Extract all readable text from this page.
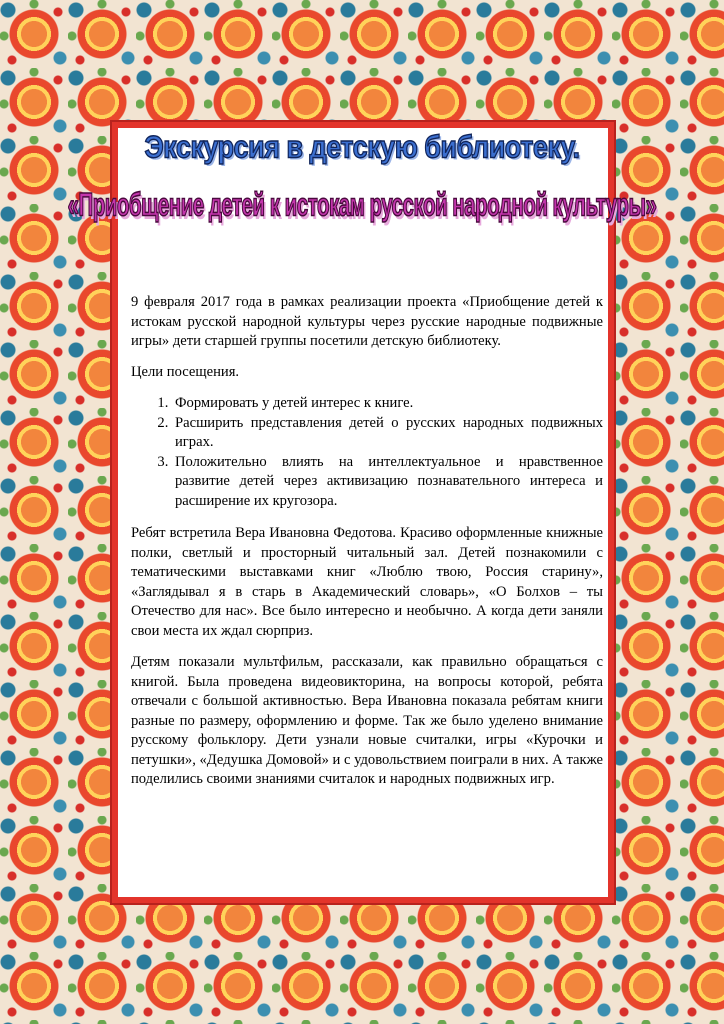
Экскурсия в детскую библиотеку.
«Приобщение детей к истокам русской народной культуры»

9 февраля 2017 года в рамках реализации проекта «Приобщение детей к истокам русской народной культуры через русские народные подвижные игры» дети старшей группы посетили детскую библиотеку.

Цели посещения.

1. Формировать у детей интерес к книге.
2. Расширить представления детей о русских народных подвижных играх.
3. Положительно влиять на интеллектуальное и нравственное развитие детей через активизацию познавательного интереса и расширение их кругозора.

Ребят встретила Вера Ивановна Федотова. Красиво оформленные книжные полки, светлый и просторный читальный зал. Детей познакомили с тематическими выставками книг «Люблю твою, Россия старину», «Заглядывал я в старь в Академический словарь», «О Болхов – ты Отечество для нас». Все было интересно и необычно. А когда дети заняли свои места их ждал сюрприз.

Детям показали мультфильм, рассказали, как правильно обращаться с книгой. Была проведена видеовикторина, на вопросы которой, ребята отвечали с большой активностью. Вера Ивановна показала ребятам книги разные по размеру, оформлению и форме. Так же было уделено внимание русскому фольклору. Дети узнали новые считалки, игры «Курочки и петушки», «Дедушка Домовой» и с удовольствием поиграли в них. А также поделились своими знаниями считалок и народных подвижных игр.
